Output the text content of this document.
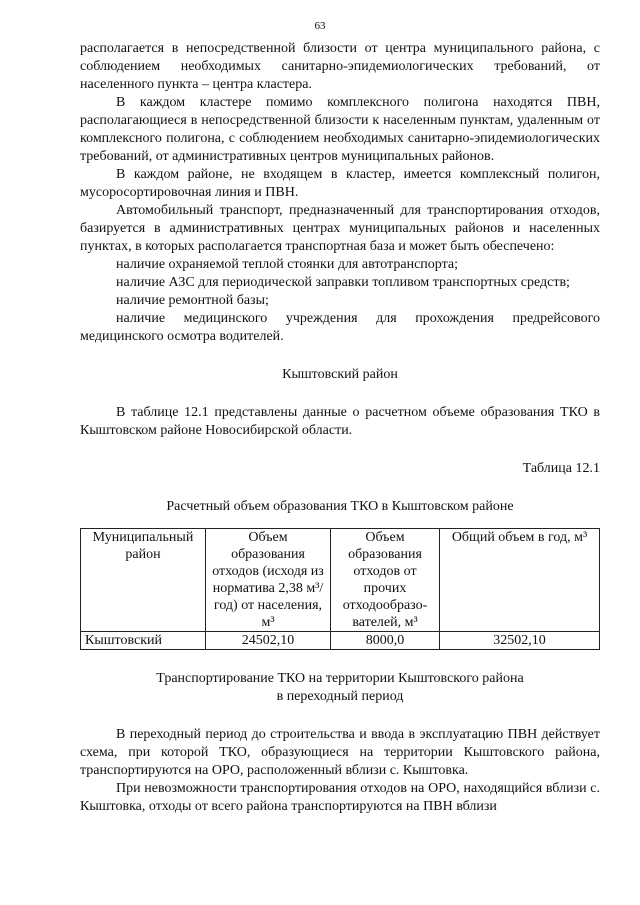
63

располагается в непосредственной близости от центра муниципального района, с соблюдением необходимых санитарно-эпидемиологических требований, от населенного пункта – центра кластера.

В каждом кластере помимо комплексного полигона находятся ПВН, располагающиеся в непосредственной близости к населенным пунктам, удаленным от комплексного полигона, с соблюдением необходимых санитарно-эпидемиологических требований, от административных центров муниципальных районов.

В каждом районе, не входящем в кластер, имеется комплексный полигон, мусоросортировочная линия и ПВН.

Автомобильный транспорт, предназначенный для транспортирования отходов, базируется в административных центрах муниципальных районов и населенных пунктах, в которых располагается транспортная база и может быть обеспечено:

наличие охраняемой теплой стоянки для автотранспорта;

наличие АЗС для периодической заправки топливом транспортных средств;

наличие ремонтной базы;

наличие медицинского учреждения для прохождения предрейсового медицинского осмотра водителей.

Кыштовский район

В таблице 12.1 представлены данные о расчетном объеме образования ТКО в Кыштовском районе Новосибирской области.

Таблица 12.1

Расчетный объем образования ТКО в Кыштовском районе

Муниципальный район	Объем образования отходов (исходя из норматива 2,38 м³/год) от населения, м³	Объем образования отходов от прочих отходообразо-вателей, м³	Общий объем в год, м³
Кыштовский	24502,10	8000,0	32502,10

Транспортирование ТКО на территории Кыштовского района

в переходный период

В переходный период до строительства и ввода в эксплуатацию ПВН действует схема, при которой ТКО, образующиеся на территории Кыштовского района, транспортируются на ОРО, расположенный вблизи с. Кыштовка.

При невозможности транспортирования отходов на ОРО, находящийся вблизи с. Кыштовка, отходы от всего района транспортируются на ПВН вблизи
